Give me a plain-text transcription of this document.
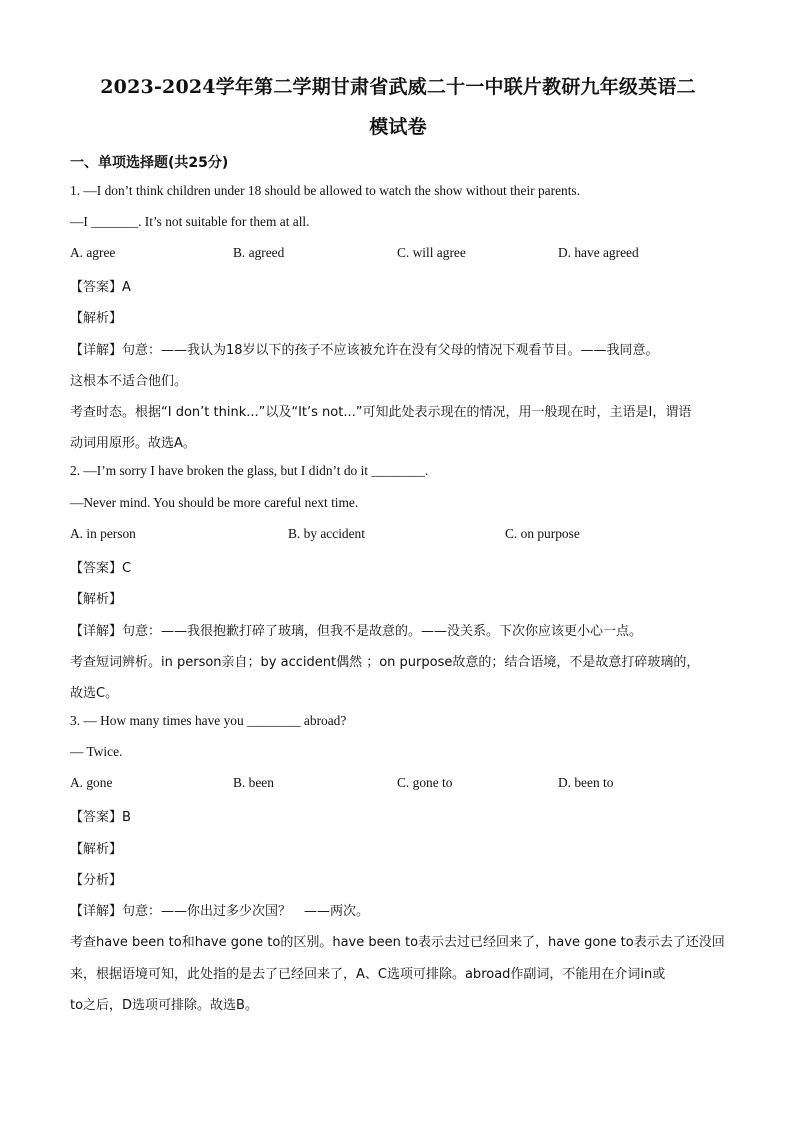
2023-2024学年第二学期甘肃省武威二十一中联片教研九年级英语二
模试卷
一、单项选择题(共25分)
1. —I don’t think children under 18 should be allowed to watch the show without their parents.
—I _______. It’s not suitable for them at all.
A. agree	B. agreed	C. will agree	D. have agreed
【答案】A
【解析】
【详解】句意：——我认为18岁以下的孩子不应该被允许在没有父母的情况下观看节目。——我同意。
这根本不适合他们。
考查时态。根据“I don’t think...”以及“It’s not...”可知此处表示现在的情况，用一般现在时，主语是I，谓语
动词用原形。故选A。
2. —I’m sorry I have broken the glass, but I didn’t do it ________.
—Never mind. You should be more careful next time.
A. in person	B. by accident	C. on purpose
【答案】C
【解析】
【详解】句意：——我很抱歉打碎了玻璃，但我不是故意的。——没关系。下次你应该更小心一点。
考查短词辨析。in person亲自；by accident偶然 ；on purpose故意的；结合语境，不是故意打碎玻璃的，
故选C。
3. — How many times have you ________ abroad?
— Twice.
A. gone	B. been	C. gone to	D. been to
【答案】B
【解析】
【分析】
【详解】句意：——你出过多少次国？　——两次。
考查have been to和have gone to的区别。have been to表示去过已经回来了，have gone to表示去了还没回
来，根据语境可知，此处指的是去了已经回来了，A、C选项可排除。abroad作副词，不能用在介词in或
to之后，D选项可排除。故选B。
